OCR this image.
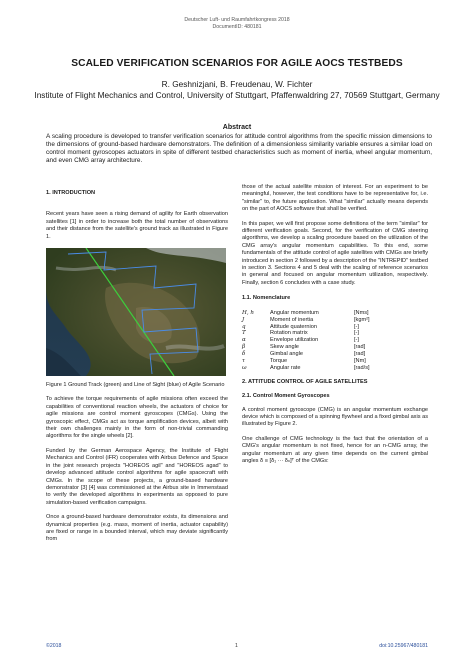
Deutscher Luft- und Raumfahrtkongress 2018
DocumentID: 480181
SCALED VERIFICATION SCENARIOS FOR AGILE AOCS TESTBEDS
R. Geshnizjani, B. Freudenau, W. Fichter
Institute of Flight Mechanics and Control, University of Stuttgart, Pfaffenwaldring 27, 70569 Stuttgart, Germany
Abstract
A scaling procedure is developed to transfer verification scenarios for attitude control algorithms from the specific mission dimensions to the dimensions of ground-based hardware demonstrators. The definition of a dimensionless similarity variable ensures a similar load on control moment gyroscopes actuators in spite of different testbed characteristics such as moment of inertia, wheel angular momentum, and even CMG array architecture.

1. INTRODUCTION

Recent years have seen a rising demand of agility for Earth observation satellites [1] in order to increase both the total number of observations and their distance from the satellite's ground track as illustrated in Figure 1.

Figure 1 Ground Track (green) and Line of Sight (blue) of Agile Scenario

To achieve the torque requirements of agile missions often exceed the capabilities of conventional reaction wheels, the actuators of choice for agile missions are control moment gyroscopes (CMGs). Using the gyroscopic effect, CMGs act as torque amplification devices, albeit with their own challenges mainly in the form of non-trivial commanding algorithms for the single wheels [2].

Funded by the German Aerospace Agency, the Institute of Flight Mechanics and Control (iFR) cooperates with Airbus Defence and Space in the joint research projects "HOREOS agil" and "HOREOS agad" to develop advanced attitude control algorithms for agile spacecraft with CMGs. In the scope of these projects, a ground-based hardware demonstrator [3] [4] was commissioned at the Airbus site in Immenstaad to verify the developed algorithms in experiments as opposed to pure simulation-based verification campaigns.

Once a ground-based hardware demonstrator exists, its dimensions and dynamical properties (e.g. mass, moment of inertia, actuator capability) are fixed or range in a bounded interval, which may deviate significantly from

those of the actual satellite mission of interest. For an experiment to be meaningful, however, the test conditions have to be representative for, i.e. "similar" to, the future application. What "similar" actually means depends on the part of AOCS software that shall be verified.

In this paper, we will first propose some definitions of the term "similar" for different verification goals. Second, for the verification of CMG steering algorithms, we develop a scaling procedure based on the utilization of the CMG array's angular momentum capabilities. To this end, some fundamentals of the attitude control of agile satellites with CMGs are briefly introduced in section 2 followed by a description of the "INTREPID" testbed in section 3. Sections 4 and 5 deal with the scaling of reference scenarios in general and focused on angular momentum utilization, respectively. Finally, section 6 concludes with a case study.

1.1. Nomenclature

H, h	Angular momentum	[Nms]
J	Moment of inertia	[kgm²]
q	Attitude quaternion	[-]
T	Rotation matrix	[-]
α	Envelope utilization	[-]
β	Skew angle	[rad]
δ	Gimbal angle	[rad]
τ	Torque	[Nm]
ω	Angular rate	[rad/s]

2. ATTITUDE CONTROL OF AGILE SATELLITES

2.1. Control Moment Gyroscopes

A control moment gyroscope (CMG) is an angular momentum exchange device which is composed of a spinning flywheel and a fixed gimbal axis as illustrated by Figure 2.

One challenge of CMG technology is the fact that the orientation of a CMG's angular momentum is not fixed, hence for an n-CMG array, the angular momentum at any given time depends on the current gimbal angles δ ≡ [δ₁ ··· δₙ]ᵀ of the CMGs:

©2018	1	doi:10.25967/480181
